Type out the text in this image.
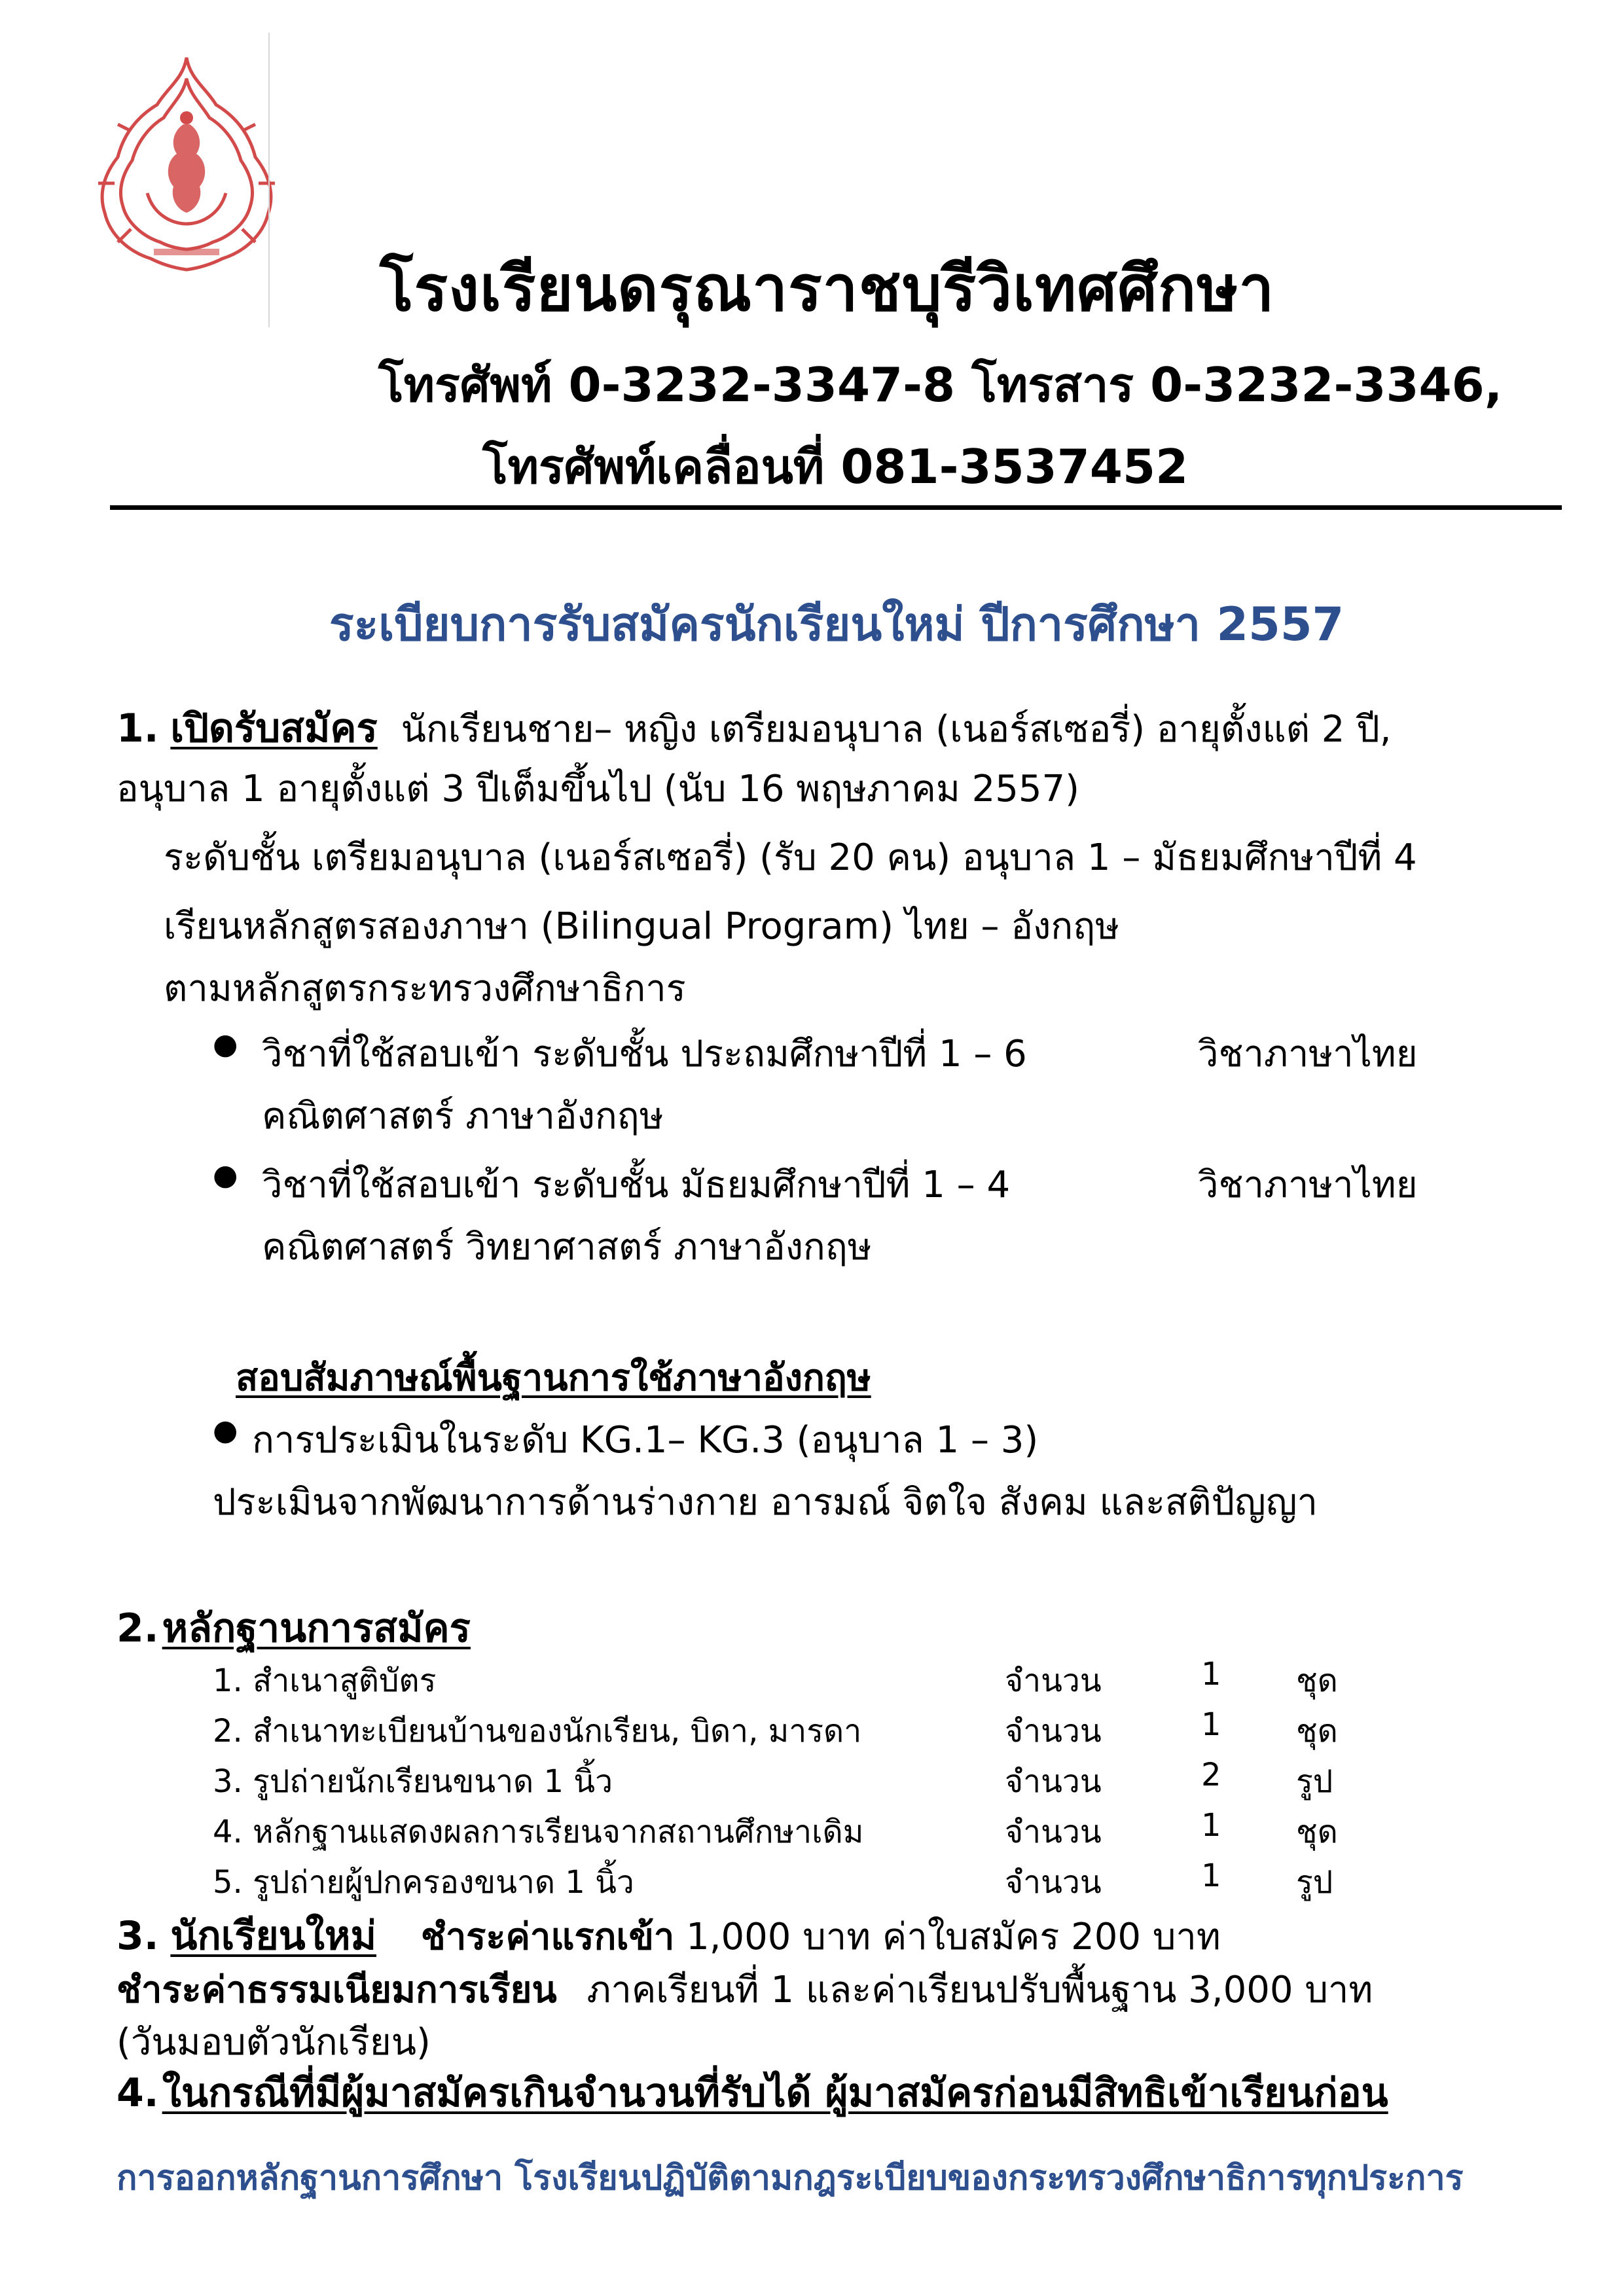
โรงเรียนดรุณาราชบุรีวิเทศศึกษา
โทรศัพท์ 0-3232-3347-8 โทรสาร 0-3232-3346,
โทรศัพท์เคลื่อนที่ 081-3537452
ระเบียบการรับสมัครนักเรียนใหม่ ปีการศึกษา 2557
1. เปิดรับสมัคร นักเรียนชาย– หญิง เตรียมอนุบาล (เนอร์สเซอรี่) อายุตั้งแต่ 2 ปี,
อนุบาล 1 อายุตั้งแต่ 3 ปีเต็มขึ้นไป (นับ 16 พฤษภาคม 2557)
ระดับชั้น เตรียมอนุบาล (เนอร์สเซอรี่) (รับ 20 คน) อนุบาล 1 – มัธยมศึกษาปีที่ 4
เรียนหลักสูตรสองภาษา (Bilingual Program) ไทย – อังกฤษ
ตามหลักสูตรกระทรวงศึกษาธิการ
● วิชาที่ใช้สอบเข้า ระดับชั้น ประถมศึกษาปีที่ 1 – 6	วิชาภาษาไทย
คณิตศาสตร์ ภาษาอังกฤษ
● วิชาที่ใช้สอบเข้า ระดับชั้น มัธยมศึกษาปีที่ 1 – 4	วิชาภาษาไทย
คณิตศาสตร์ วิทยาศาสตร์ ภาษาอังกฤษ
สอบสัมภาษณ์พื้นฐานการใช้ภาษาอังกฤษ
● การประเมินในระดับ KG.1– KG.3 (อนุบาล 1 – 3)
ประเมินจากพัฒนาการด้านร่างกาย อารมณ์ จิตใจ สังคม และสติปัญญา
2. หลักฐานการสมัคร
1. สำเนาสูติบัตร	จำนวน	1 ชุด
2. สำเนาทะเบียนบ้านของนักเรียน, บิดา, มารดา	จำนวน	1 ชุด
3. รูปถ่ายนักเรียนขนาด 1 นิ้ว	จำนวน	2 รูป
4. หลักฐานแสดงผลการเรียนจากสถานศึกษาเดิม	จำนวน	1 ชุด
5. รูปถ่ายผู้ปกครองขนาด 1 นิ้ว	จำนวน	1 รูป
3. นักเรียนใหม่ ชำระค่าแรกเข้า 1,000 บาท ค่าใบสมัคร 200 บาท
ชำระค่าธรรมเนียมการเรียน ภาคเรียนที่ 1 และค่าเรียนปรับพื้นฐาน 3,000 บาท
(วันมอบตัวนักเรียน)
4. ในกรณีที่มีผู้มาสมัครเกินจำนวนที่รับได้ ผู้มาสมัครก่อนมีสิทธิเข้าเรียนก่อน
การออกหลักฐานการศึกษา โรงเรียนปฏิบัติตามกฎระเบียบของกระทรวงศึกษาธิการทุกประการ
